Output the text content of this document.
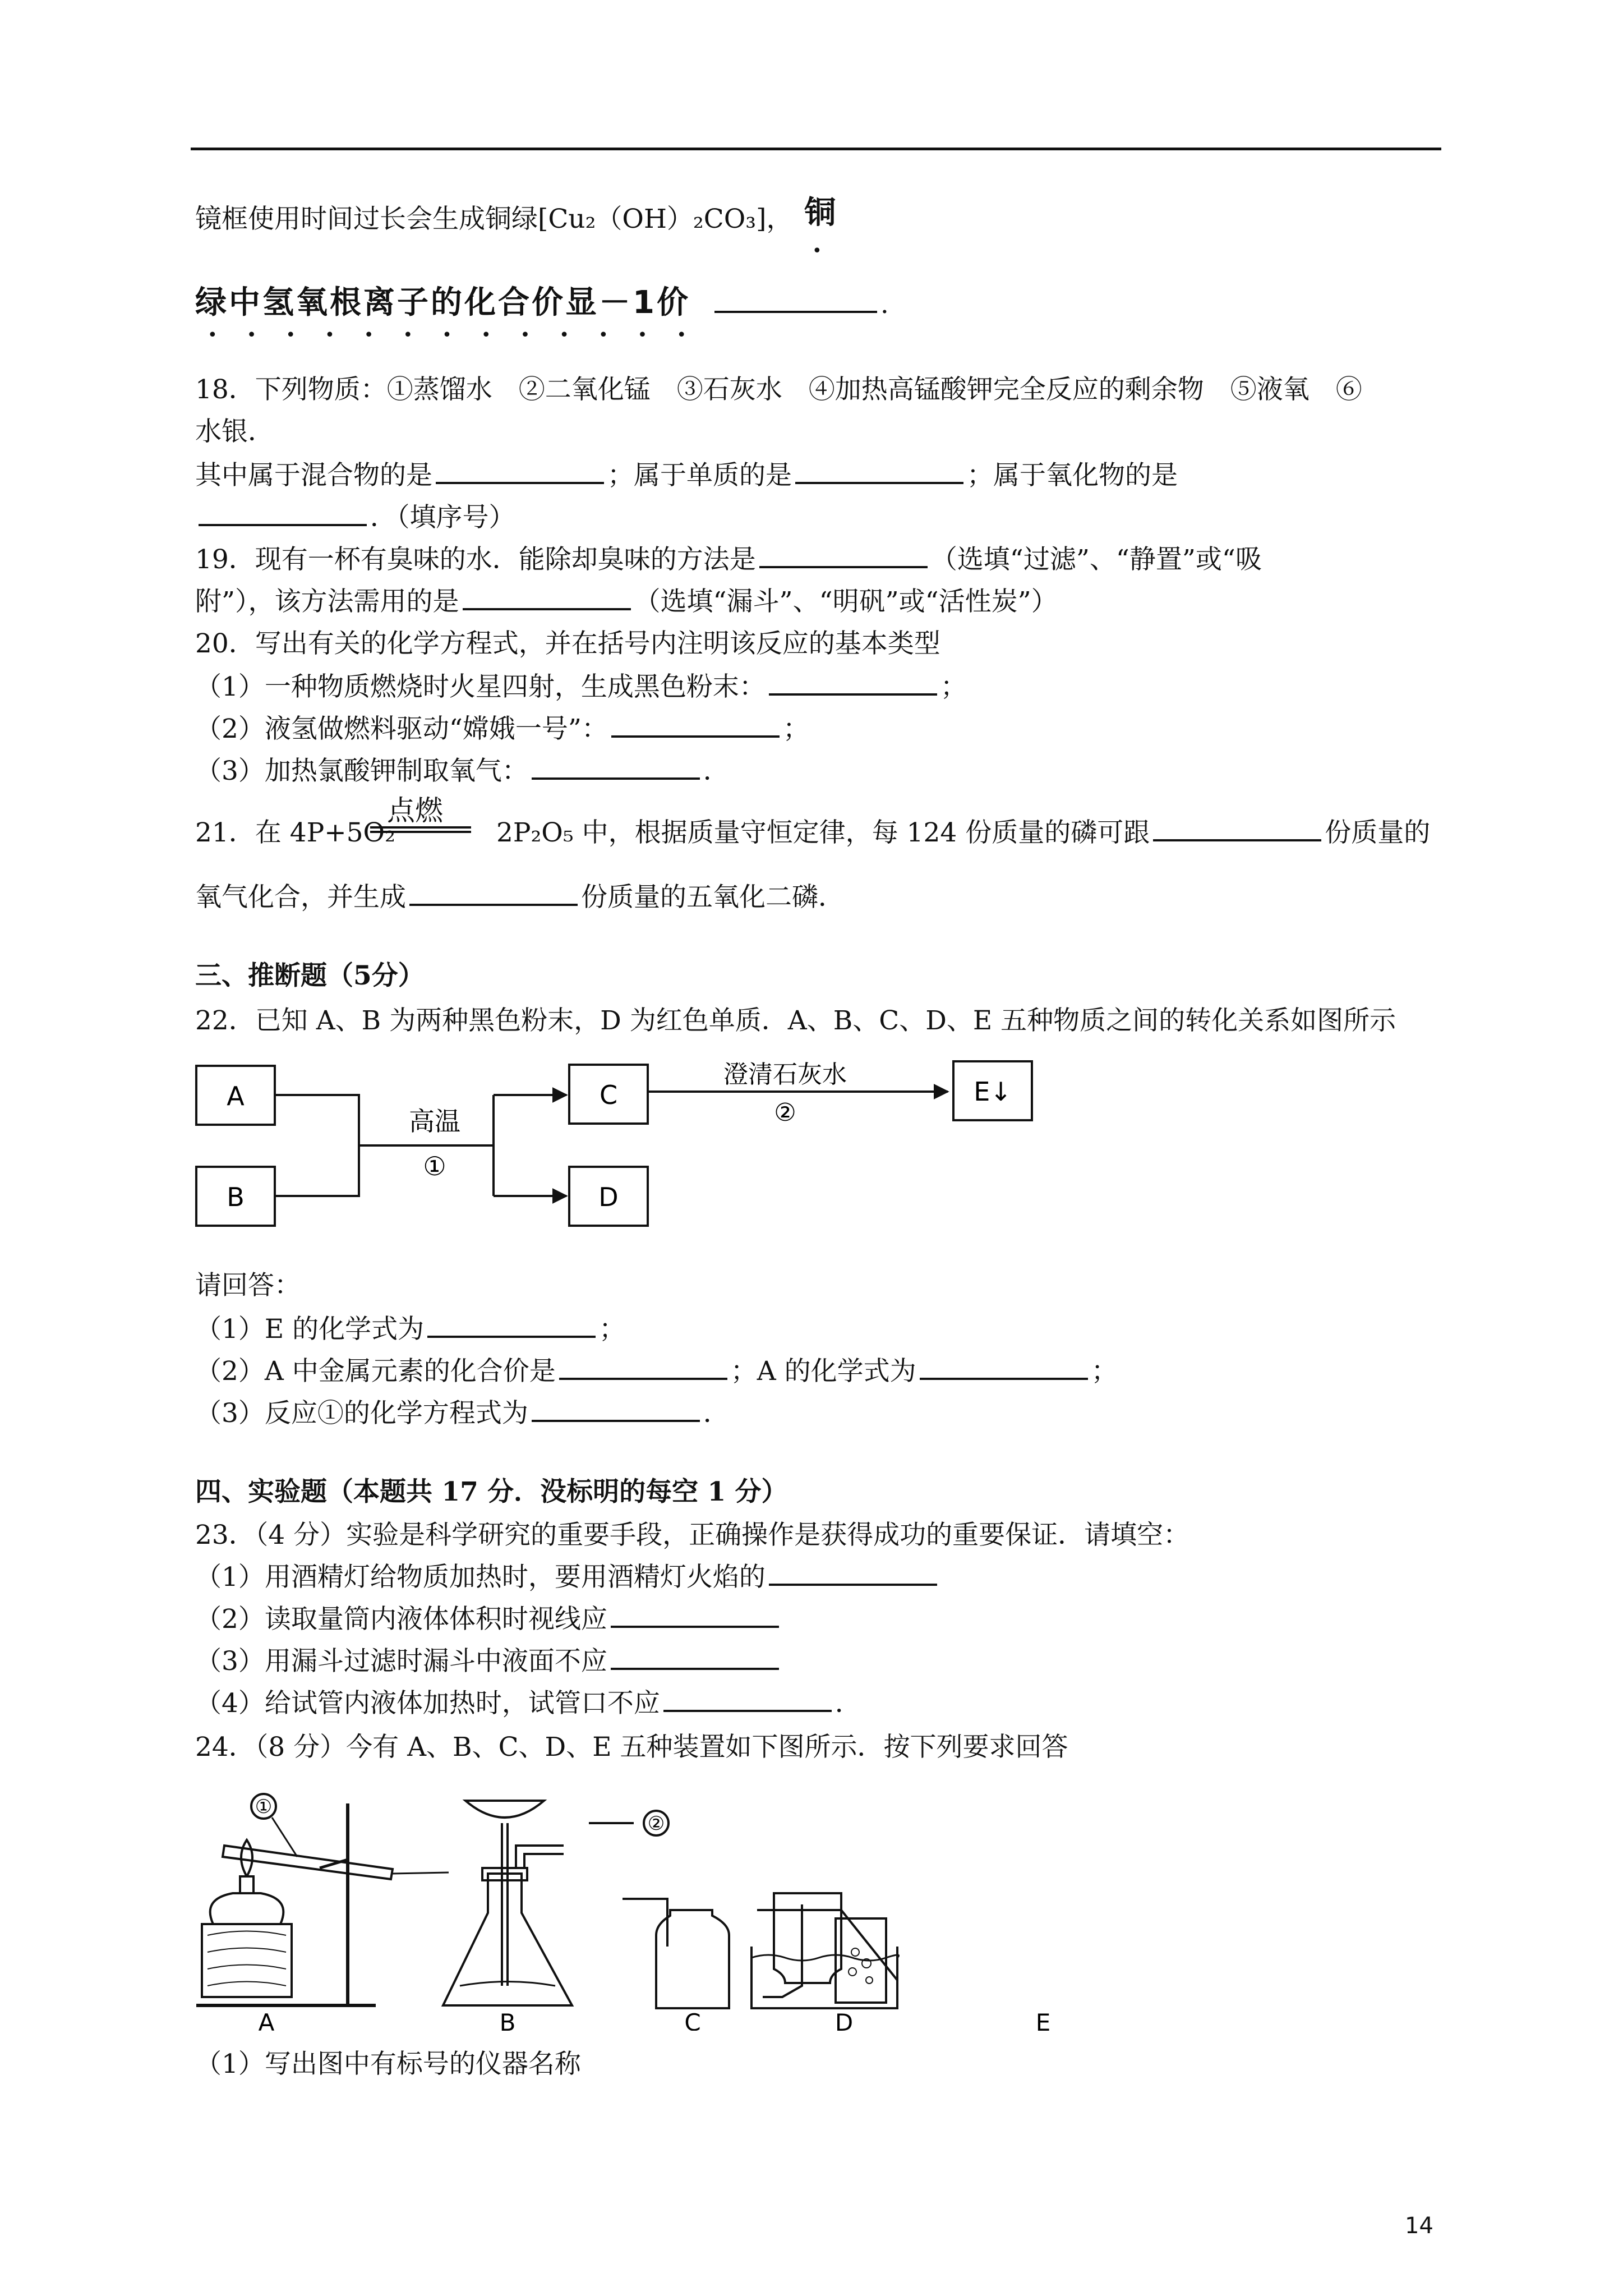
镜框使用时间过长会生成铜绿[Cu₂（OH）₂CO₃]， 铜
•
绿中氢氧根离子的化合价显－1价	.
•••••••••••••
18．下列物质：①蒸馏水　②二氧化锰　③石灰水　④加热高锰酸钾完全反应的剩余物　⑤液氧　⑥
水银．
其中属于混合物的是	；属于单质的是	；属于氧化物的是
．（填序号）
19．现有一杯有臭味的水．能除却臭味的方法是	（选填“过滤”、“静置”或“吸
附”），该方法需用的是	（选填“漏斗”、“明矾”或“活性炭”）
20．写出有关的化学方程式，并在括号内注明该反应的基本类型
（1）一种物质燃烧时火星四射，生成黑色粉末：	；
（2）液氢做燃料驱动“嫦娥一号”：	；
（3）加热氯酸钾制取氧气：	．
点燃
21．在 4P+5O₂	2P₂O₅ 中，根据质量守恒定律，每 124 份质量的磷可跟	份质量的
氧气化合，并生成	份质量的五氧化二磷．
三、推断题（5分）
22．已知 A、B 为两种黑色粉末，D 为红色单质．A、B、C、D、E 五种物质之间的转化关系如图所示
A
B
高温
①
C
D
澄清石灰水
②
E↓
请回答：
（1）E 的化学式为	；
（2）A 中金属元素的化合价是	；A 的化学式为	；
（3）反应①的化学方程式为	．
四、实验题（本题共 17 分．没标明的每空 1 分）
23．（4 分）实验是科学研究的重要手段，正确操作是获得成功的重要保证．请填空：
（1）用酒精灯给物质加热时，要用酒精灯火焰的
（2）读取量筒内液体体积时视线应
（3）用漏斗过滤时漏斗中液面不应
（4）给试管内液体加热时，试管口不应	．
24．（8 分）今有 A、B、C、D、E 五种装置如下图所示．按下列要求回答
①
②
A	B	C	D	E
（1）写出图中有标号的仪器名称
14
